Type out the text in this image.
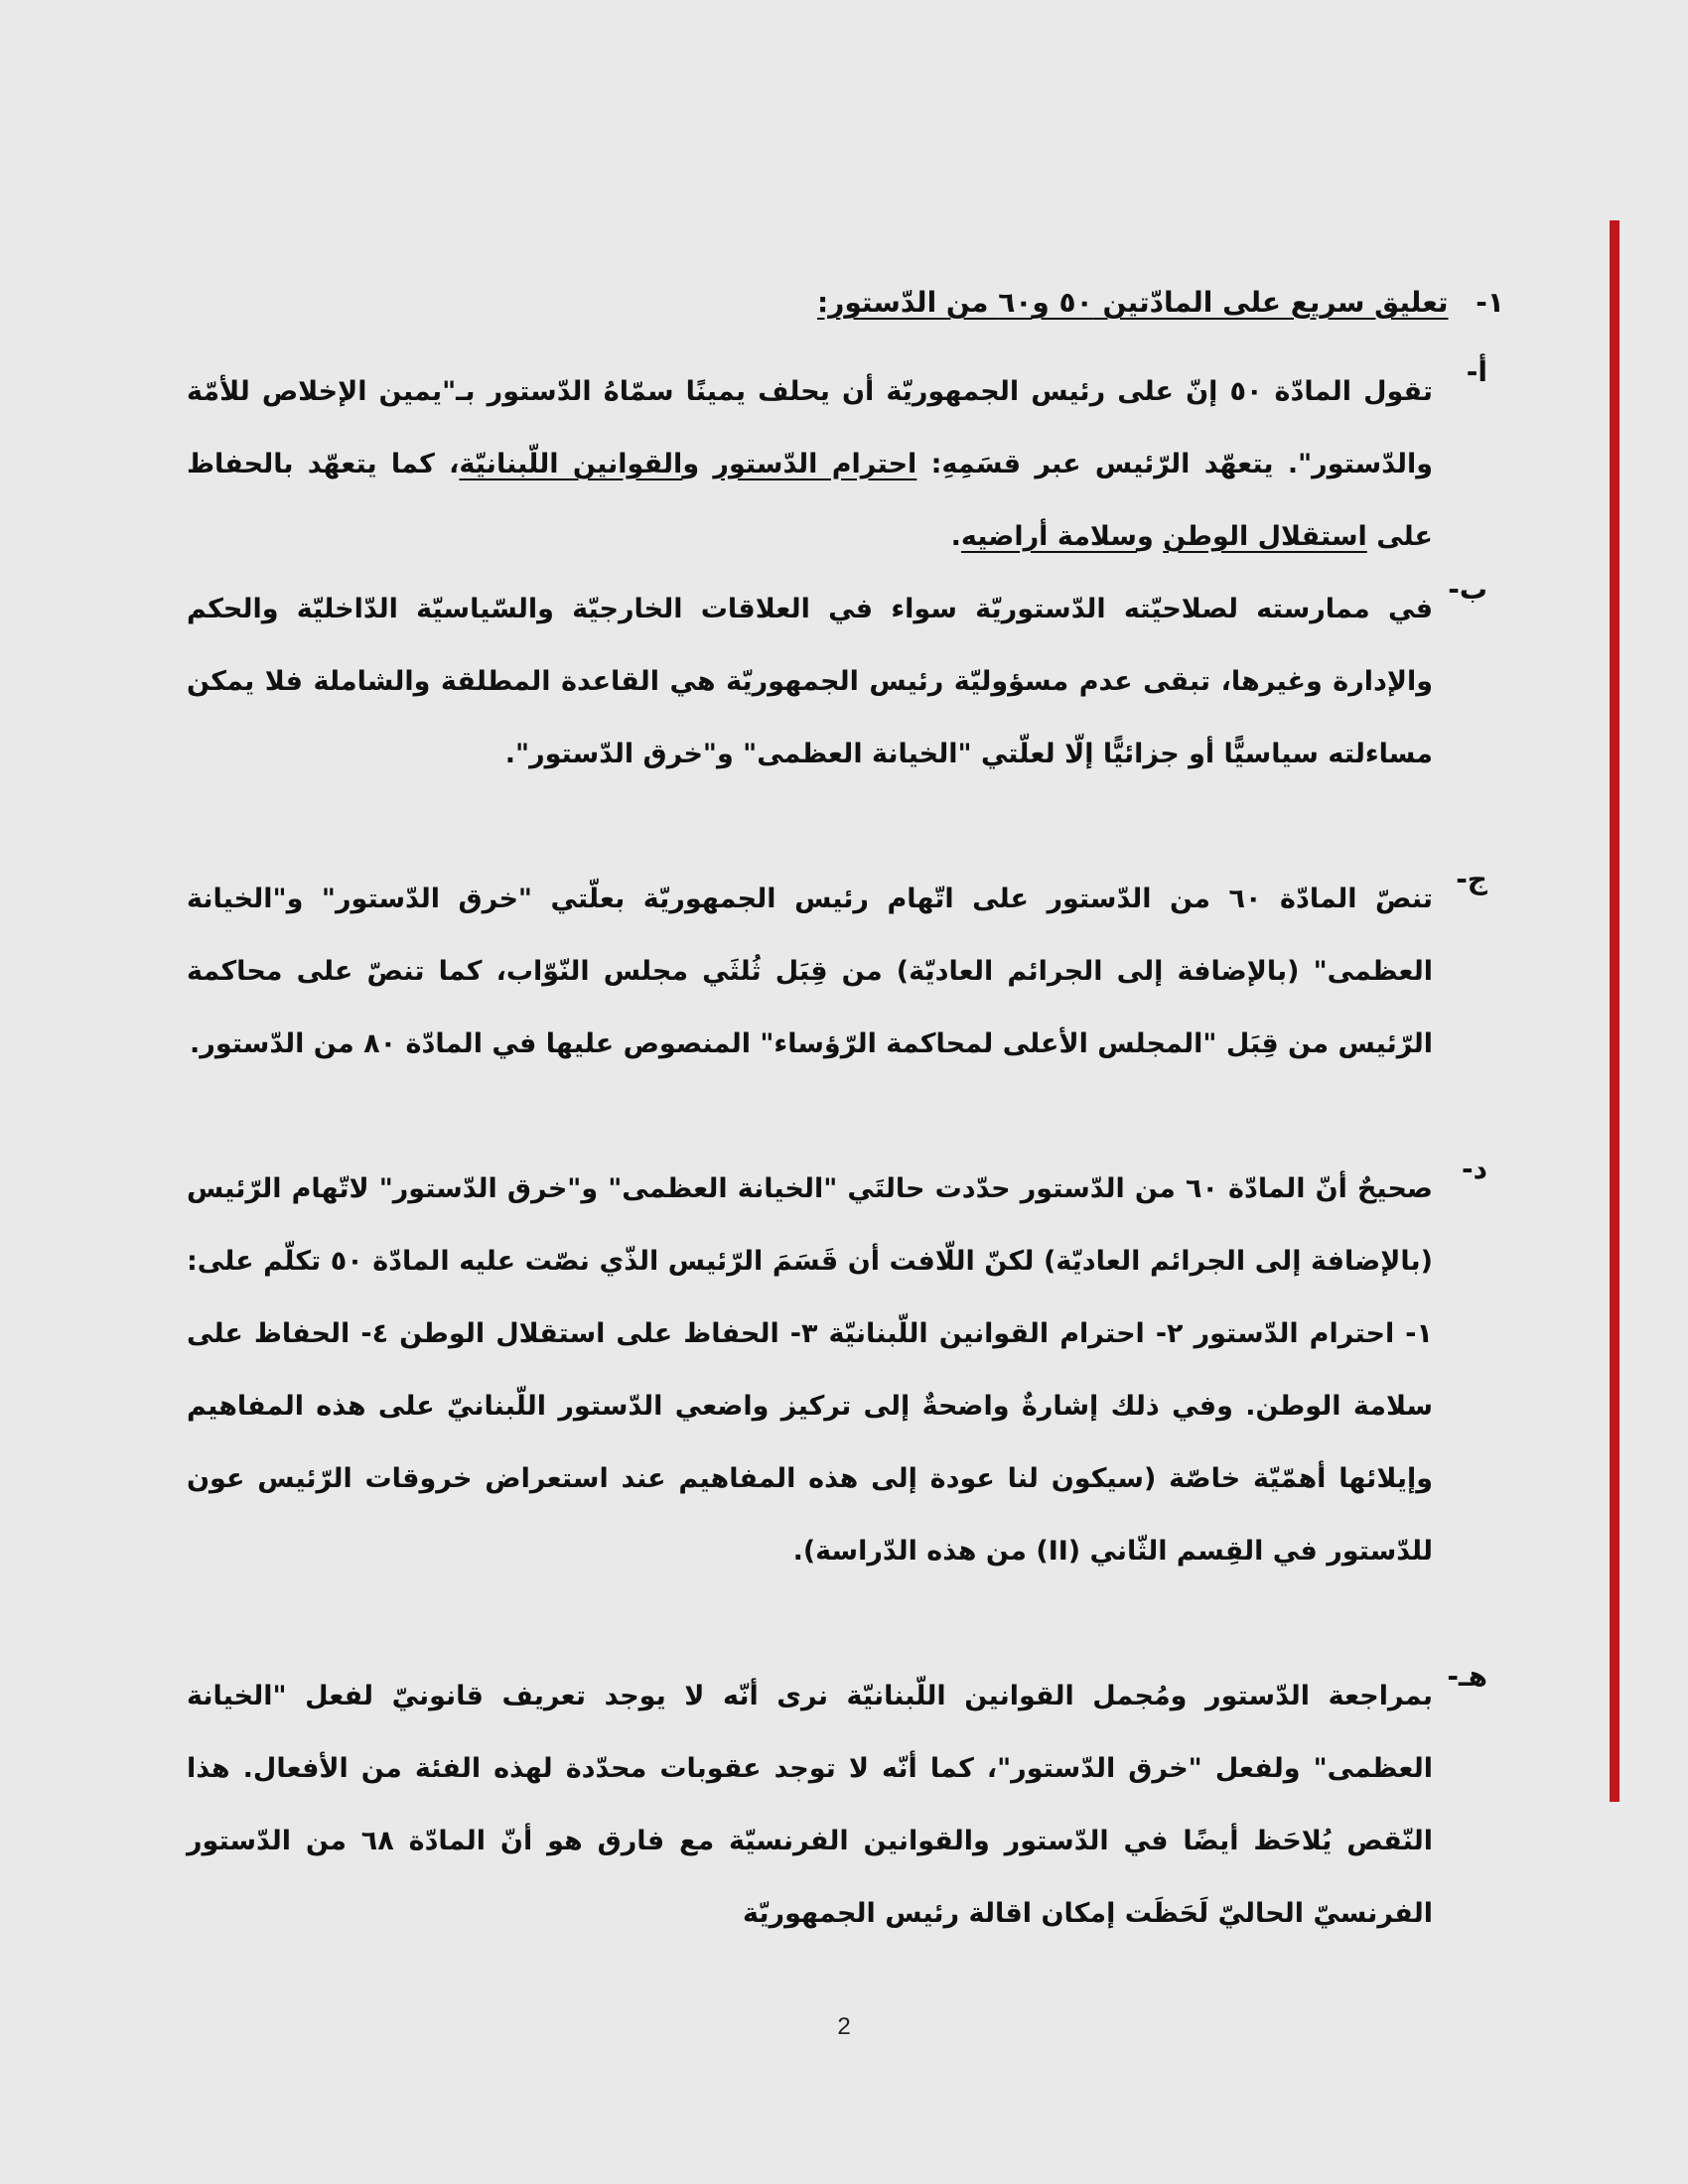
١- تعليق سريع على المادّتين ٥٠ و٦٠ من الدّستور:
أ-
تقول المادّة ٥٠ إنّ على رئيس الجمهوريّة أن يحلف يمينًا سمّاهُ الدّستور بـ"يمين الإخلاص للأمّة والدّستور". يتعهّد الرّئيس عبر قسَمِهِ: احترام الدّستور والقوانين اللّبنانيّة، كما يتعهّد بالحفاظ على استقلال الوطن وسلامة أراضيه.
ب-
في ممارسته لصلاحيّته الدّستوريّة سواء في العلاقات الخارجيّة والسّياسيّة الدّاخليّة والحكم والإدارة وغيرها، تبقى عدم مسؤوليّة رئيس الجمهوريّة هي القاعدة المطلقة والشاملة فلا يمكن مساءلته سياسيًّا أو جزائيًّا إلّا لعلّتي "الخيانة العظمى" و"خرق الدّستور".
ج-
تنصّ المادّة ٦٠ من الدّستور على اتّهام رئيس الجمهوريّة بعلّتي "خرق الدّستور" و"الخيانة العظمى" (بالإضافة إلى الجرائم العاديّة) من قِبَل ثُلثَي مجلس النّوّاب، كما تنصّ على محاكمة الرّئيس من قِبَل "المجلس الأعلى لمحاكمة الرّؤساء" المنصوص عليها في المادّة ٨٠ من الدّستور.
د-
صحيحٌ أنّ المادّة ٦٠ من الدّستور حدّدت حالتَي "الخيانة العظمى" و"خرق الدّستور" لاتّهام الرّئيس (بالإضافة إلى الجرائم العاديّة) لكنّ اللّافت أن قَسَمَ الرّئيس الذّي نصّت عليه المادّة ٥٠ تكلّم على: ١- احترام الدّستور ٢- احترام القوانين اللّبنانيّة ٣- الحفاظ على استقلال الوطن ٤- الحفاظ على سلامة الوطن. وفي ذلك إشارةٌ واضحةٌ إلى تركيز واضعي الدّستور اللّبنانيّ على هذه المفاهيم وإيلائها أهمّيّة خاصّة (سيكون لنا عودة إلى هذه المفاهيم عند استعراض خروقات الرّئيس عون للدّستور في القِسم الثّاني (II) من هذه الدّراسة).
هـ-
بمراجعة الدّستور ومُجمل القوانين اللّبنانيّة نرى أنّه لا يوجد تعريف قانونيّ لفعل "الخيانة العظمى" ولفعل "خرق الدّستور"، كما أنّه لا توجد عقوبات محدّدة لهذه الفئة من الأفعال. هذا النّقص يُلاحَظ أيضًا في الدّستور والقوانين الفرنسيّة مع فارق هو أنّ المادّة ٦٨ من الدّستور الفرنسيّ الحاليّ لَحَظَت إمكان اقالة رئيس الجمهوريّة
2
